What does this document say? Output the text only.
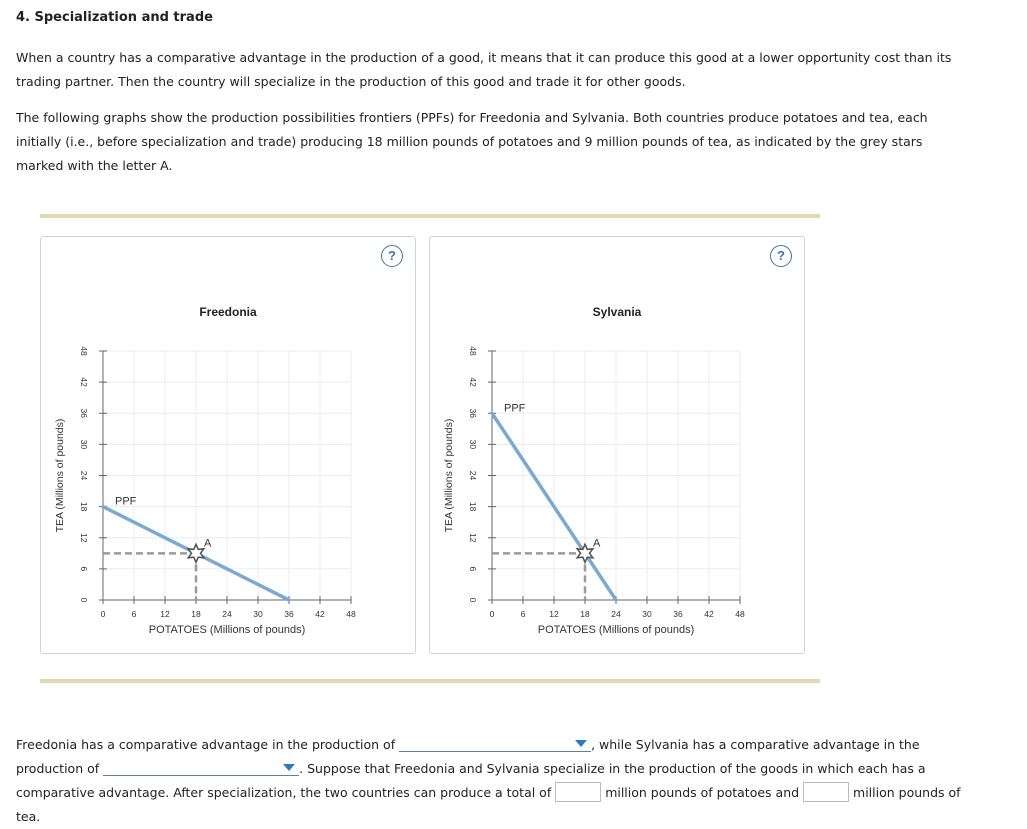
4. Specialization and trade
When a country has a comparative advantage in the production of a good, it means that it can produce this good at a lower opportunity cost than its trading partner. Then the country will specialize in the production of this good and trade it for other goods.
The following graphs show the production possibilities frontiers (PPFs) for Freedonia and Sylvania. Both countries produce potatoes and tea, each initially (i.e., before specialization and trade) producing 18 million pounds of potatoes and 9 million pounds of tea, as indicated by the grey stars marked with the letter A.
Freedonia
0	6	12	18	24	30	36	42	48
0
6
12
18
24
30
36
42
48
POTATOES (Millions of pounds)
TEA (Millions of pounds)	PPF
A
?
Sylvania
0	6	12	18	24	30	36	42	48
0
6
12
18
24
30
36
42
48
POTATOES (Millions of pounds)
TEA (Millions of pounds)
PPF
A
?
Freedonia has a comparative advantage in the production of	, while Sylvania has a comparative advantage in the production of	. Suppose that Freedonia and Sylvania specialize in the production of the goods in which each has a comparative advantage. After specialization, the two countries can produce a total of	million pounds of potatoes and	million pounds of tea.
